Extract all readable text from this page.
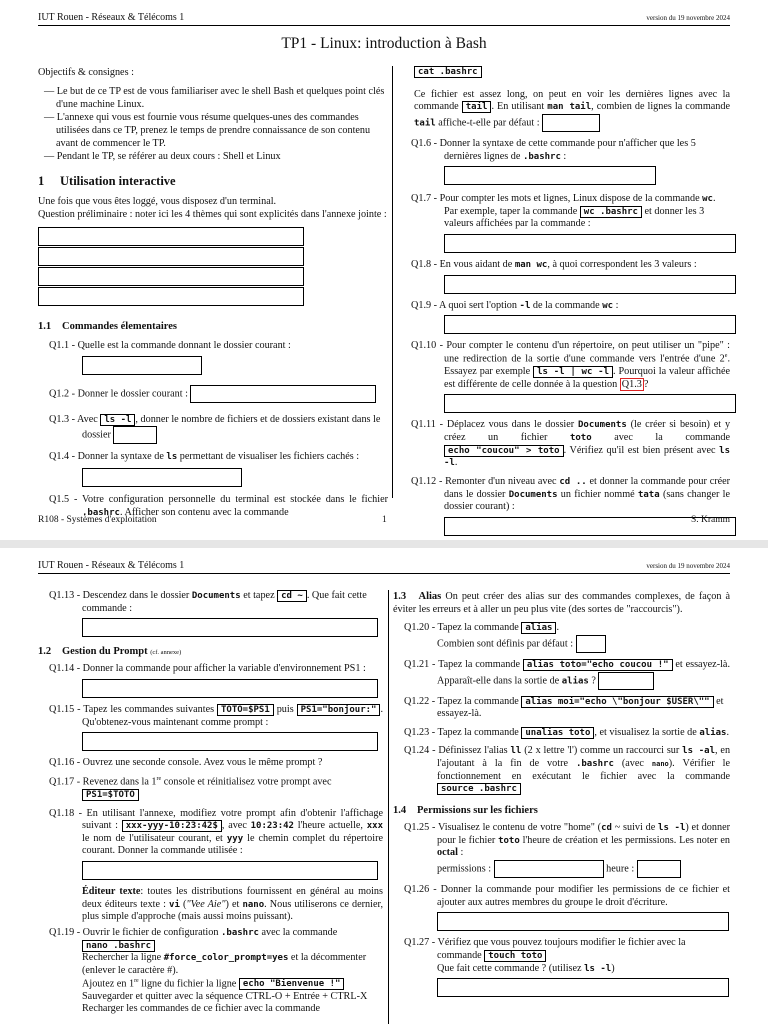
IUT Rouen - Réseaux & Télécoms 1	version du 19 novembre 2024
TP1 - Linux: introduction à Bash

Objectifs & consignes :

— Le but de ce TP est de vous familiariser avec le shell Bash et quelques point clés d'une machine Linux.
— L'annexe qui vous est fournie vous résume quelques-unes des commandes utilisées dans ce TP, prenez le temps de prendre connaissance de son contenu avant de commencer le TP.
— Pendant le TP, se référer au deux cours : Shell et Linux
1 Utilisation interactive

Une fois que vous êtes loggé, vous disposez d'un terminal.
Question préliminaire : noter ici les 4 thèmes qui sont explicités dans l'annexe jointe :

1.1 Commandes élementaires
Q1.1 - Quelle est la commande donnant le dossier courant :
Q1.2 - Donner le dossier courant :
Q1.3 - Avec ls -l , donner le nombre de fichiers et de dossiers existant dans le dossier
Q1.4 - Donner la syntaxe de ls permettant de visualiser les fichiers cachés :
Q1.5 - Votre configuration personnelle du terminal est stockée dans le fichier .bashrc. Afficher son contenu avec la commande
cat .bashrc

Ce fichier est assez long, on peut en voir les dernières lignes avec la commande tail . En utilisant man tail, combien de lignes la commande tail affiche-t-elle par défaut :

Q1.6 - Donner la syntaxe de cette commande pour n'afficher que les 5 dernières lignes de .bashrc :
Q1.7 - Pour compter les mots et lignes, Linux dispose de la commande wc. Par exemple, taper la commande wc .bashrc et donner les 3 valeurs affichées par la commande :
Q1.8 - En vous aidant de man wc, à quoi correspondent les 3 valeurs :
Q1.9 - A quoi sert l'option -l de la commande wc :
Q1.10 - Pour compter le contenu d'un répertoire, on peut utiliser un "pipe" : une redirection de la sortie d'une commande vers l'entrée d'une 2e. Essayez par exemple ls -l | wc -l . Pourquoi la valeur affichée est différente de celle donnée à la question Q1.3 ?
Q1.11 - Déplacez vous dans le dossier Documents (le créer si besoin) et y créez un fichier	toto avec la commande echo "coucou" > toto . Vérifiez qu'il est bien présent avec ls -l.
Q1.12 - Remonter d'un niveau avec cd .. et donner la commande pour créer dans le dossier Documents un fichier nommé tata (sans changer le dossier courant) :
R108 - Systèmes d'exploitation	1	S. Kramm
IUT Rouen - Réseaux & Télécoms 1	version du 19 novembre 2024
Q1.13 - Descendez dans le dossier Documents et tapez cd ~ . Que fait cette commande :
1.2 Gestion du Prompt (cf. annexe)
Q1.14 - Donner la commande pour afficher la variable d'environnement PS1 :
Q1.15 - Tapez les commandes suivantes TOTO=$PS1 puis PS1="bonjour:" . Qu'obtenez-vous maintenant comme prompt :
Q1.16 - Ouvrez une seconde console. Avez vous le même prompt ?
Q1.17 - Revenez dans la 1re console et réinitialisez votre prompt avec PS1=$TOTO
Q1.18 - En utilisant l'annexe, modifiez votre prompt afin d'obtenir l'affichage suivant : xxx-yyy-10:23:42$ , avec 10:23:42 l'heure actuelle, xxx le nom de l'utilisateur courant, et yyy le chemin complet du répertoire courant. Donner la commande utilisée :

Éditeur texte: toutes les distributions fournissent en général au moins deux éditeurs texte : vi ("Vee Aie") et nano. Nous utiliserons ce dernier, plus simple d'approche (mais aussi moins puissant).

Q1.19 - Ouvrir le fichier de configuration .bashrc avec la commande
nano .bashrc
Rechercher la ligne #force_color_prompt=yes et la décommenter (enlever le caractère #).
Ajoutez en 1re ligne du fichier la ligne echo "Bienvenue !"
Sauvegarder et quitter avec la séquence CTRL-O + Entrée + CTRL-X
Recharger les commandes de ce fichier avec la commande

1.3 Alias On peut créer des alias sur des commandes complexes, de façon à éviter les erreurs et à aller un peu plus vite (des sortes de "raccourcis").

Q1.20 - Tapez la commande alias .
Combien sont définis par défaut :
Q1.21 - Tapez la commande alias toto="echo coucou !" et essayez-là. Apparaît-elle dans la sortie de alias ?
Q1.22 - Tapez la commande alias moi="echo \"bonjour $USER\"" et essayez-là.
Q1.23 - Tapez la commande unalias toto , et visualisez la sortie de alias.
Q1.24 - Définissez l'alias ll (2 x lettre 'l') comme un raccourci sur ls -al, en l'ajoutant à la fin de votre .bashrc (avec nano). Vérifier le fonctionnement en exécutant le fichier avec la commande source .bashrc
1.4 Permissions sur les fichiers
Q1.25 - Visualisez le contenu de votre "home" (cd ~ suivi de ls -l) et donner pour le fichier toto l'heure de création et les permissions. Les noter en octal :
permissions :	heure :
Q1.26 - Donner la commande pour modifier les permissions de ce fichier et ajouter aux autres membres du groupe le droit d'écriture.
Q1.27 - Vérifiez que vous pouvez toujours modifier le fichier avec la commande touch toto
Que fait cette commande ? (utilisez ls -l)
